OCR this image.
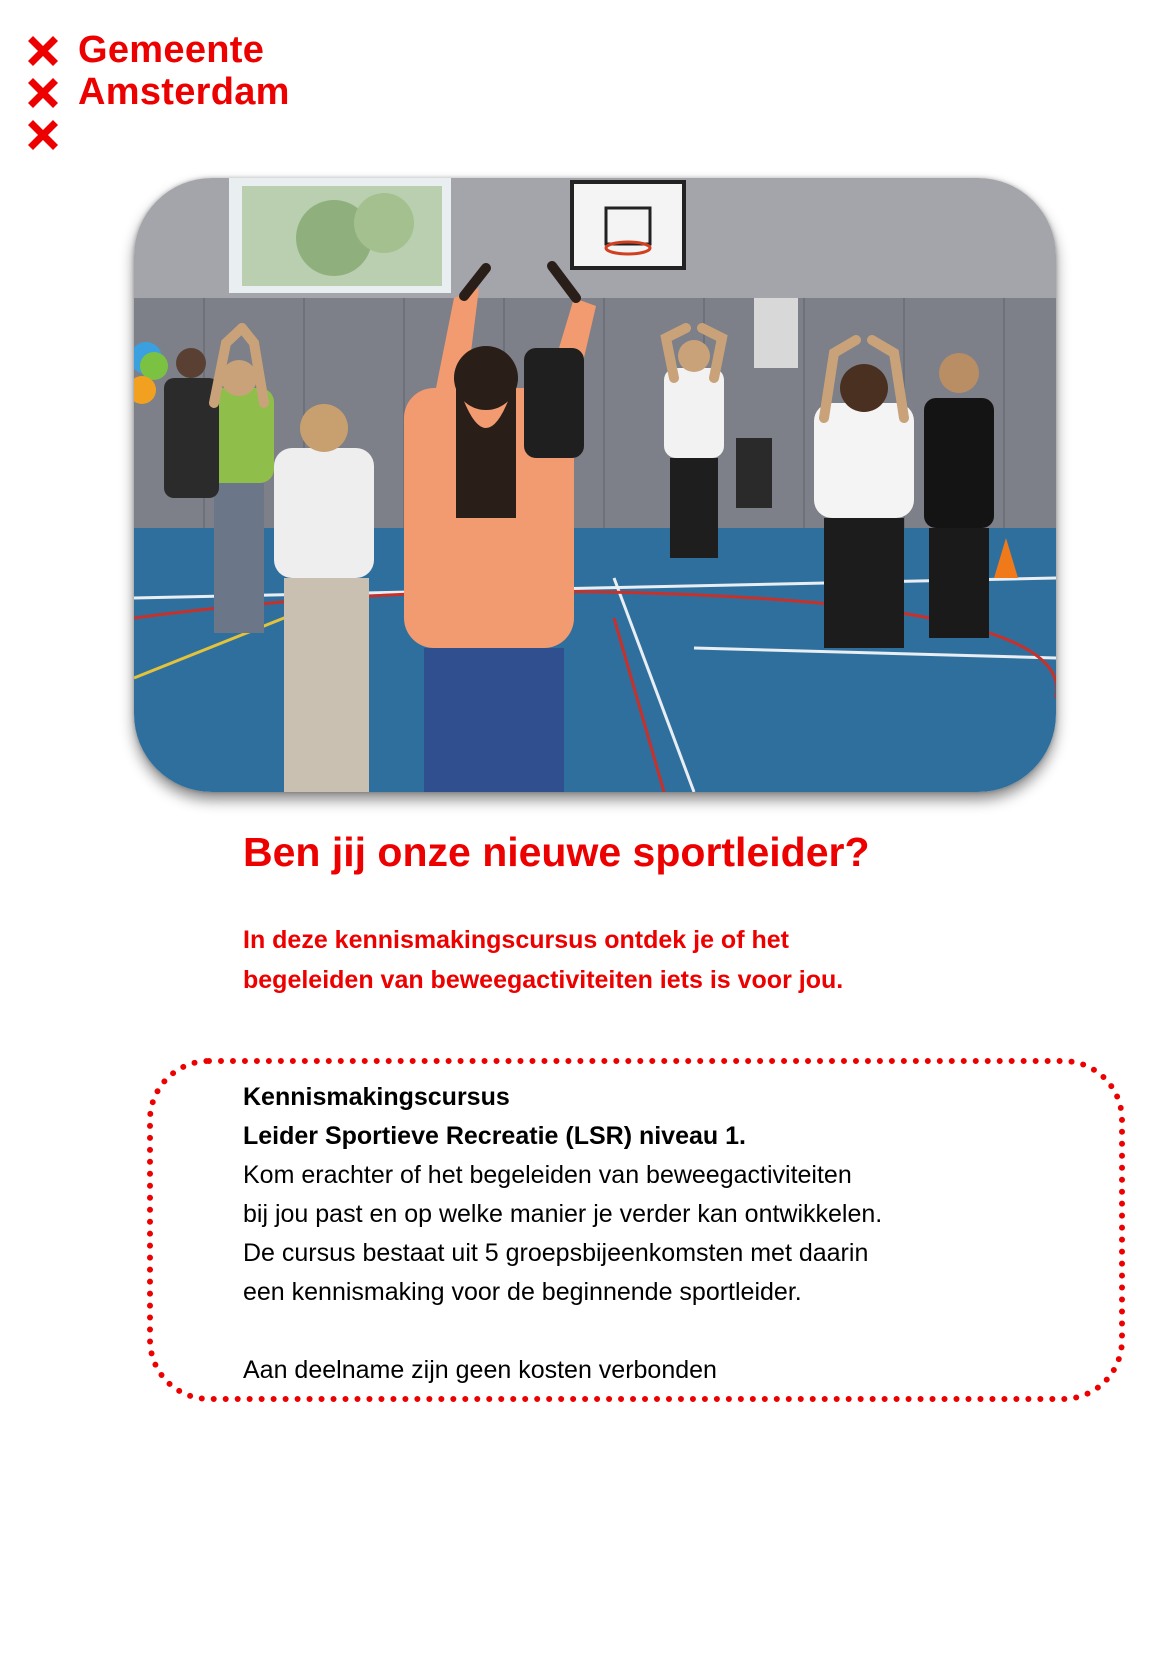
Gemeente
Amsterdam
Ben jij onze nieuwe sportleider?

In deze kennismakingscursus ontdek je of het
begeleiden van beweegactiviteiten iets is voor jou.

Kennismakingscursus
Leider Sportieve Recreatie (LSR) niveau 1.
Kom erachter of het begeleiden van beweegactiviteiten
bij jou past en op welke manier je verder kan ontwikkelen.
De cursus bestaat uit 5 groepsbijeenkomsten met daarin
een kennismaking voor de beginnende sportleider.
Aan deelname zijn geen kosten verbonden
